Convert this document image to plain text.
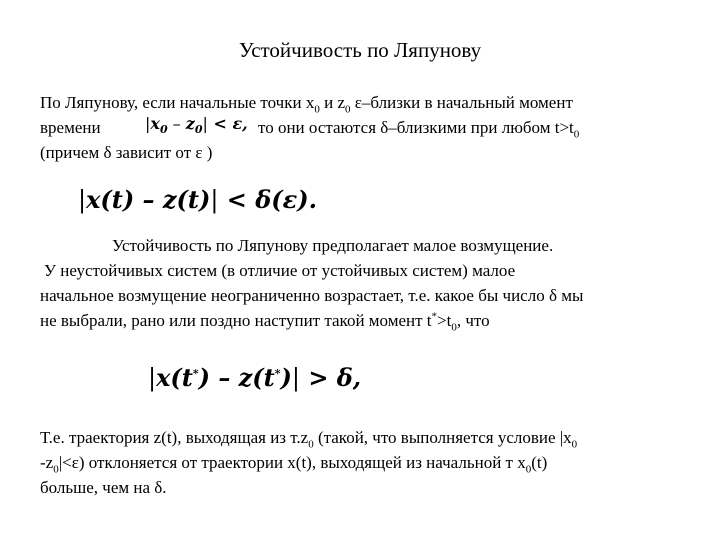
Устойчивость по Ляпунову
По Ляпунову, если начальные точки $x_0$ и $z_0$ ε–близки в начальный момент
времени	$|x_0 - z_0| < \varepsilon$, то они остаются δ–близкими при любом $t>t_0$
(причем δ зависит от ε )
|x(t) – z(t)| < δ(ε).
Устойчивость по Ляпунову предполагает малое возмущение.
У неустойчивых систем (в отличие от устойчивых систем) малое
начальное возмущение неограниченно возрастает, т.е. какое бы число δ мы
не выбрали, рано или поздно наступит такой момент $t^*>t_0$, что
|x(t*) – z(t*)| > δ,
Т.е. траектория z(t), выходящая из $т.z_0$ (такой, что выполняется условие $|x_0$
$-z_0|<\varepsilon$) отклоняется от траектории x(t), выходящей из начальной т $x_0(t)$
больше, чем на δ.
